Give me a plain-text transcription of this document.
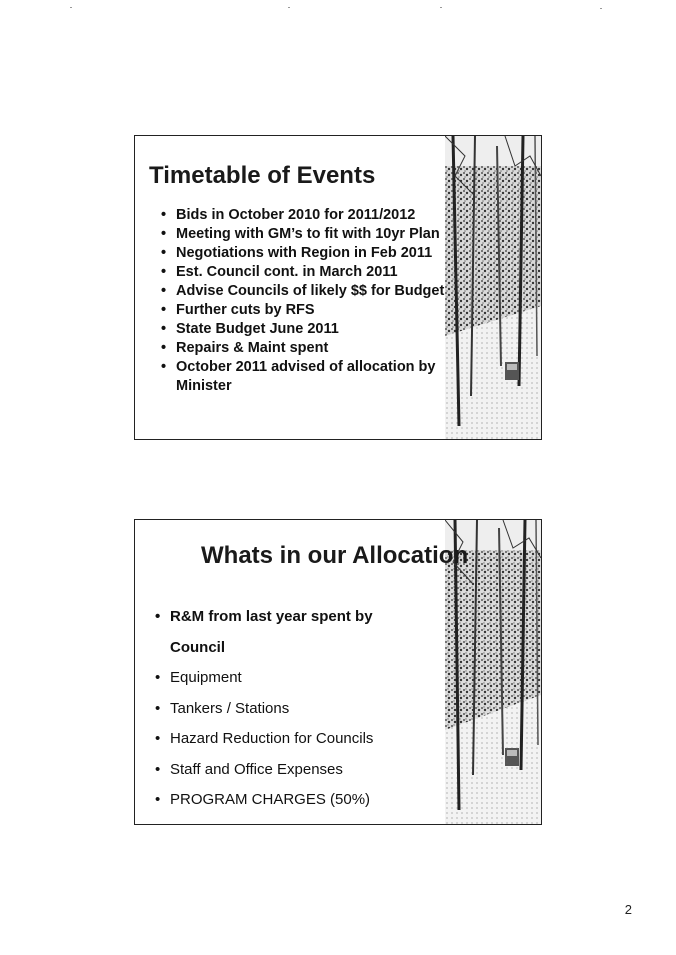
Timetable of Events
• Bids in October 2010 for 2011/2012
• Meeting with GM’s to fit with 10yr Plan
• Negotiations with Region in Feb 2011
• Est. Council cont. in March 2011
• Advise Councils of likely $$ for Budget
• Further cuts by RFS
• State Budget June 2011
• Repairs & Maint spent
• October 2011 advised of allocation by Minister
Whats in our Allocation
• R&M from last year spent by
Council
• Equipment
• Tankers / Stations
• Hazard Reduction for Councils
• Staff and Office Expenses
• PROGRAM CHARGES (50%)
2
